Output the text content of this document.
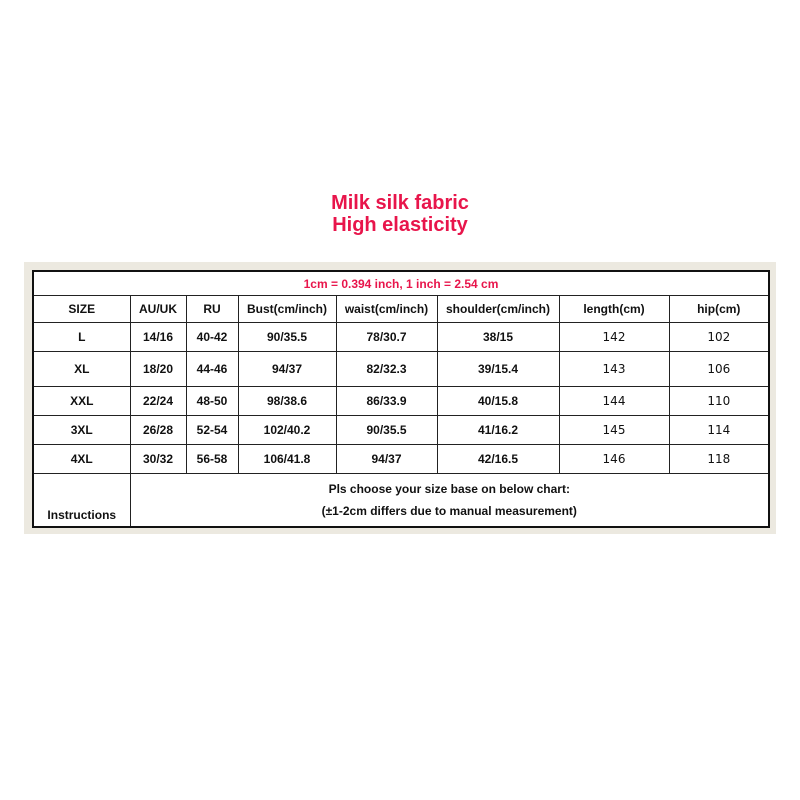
Milk silk fabric
High elasticity
1cm = 0.394 inch, 1 inch = 2.54 cm							
SIZE	AU/UK	RU	Bust(cm/inch)	waist(cm/inch)	shoulder(cm/inch)	length(cm)	hip(cm)
L	14/16	40-42	90/35.5	78/30.7	38/15	142	102
XL	18/20	44-46	94/37	82/32.3	39/15.4	143	106
XXL	22/24	48-50	98/38.6	86/33.9	40/15.8	144	110
3XL	26/28	52-54	102/40.2	90/35.5	41/16.2	145	114
4XL	30/32	56-58	106/41.8	94/37	42/16.5	146	118
Instructions	Pls choose your size base on below chart:
(±1-2cm differs due to manual measurement)						
